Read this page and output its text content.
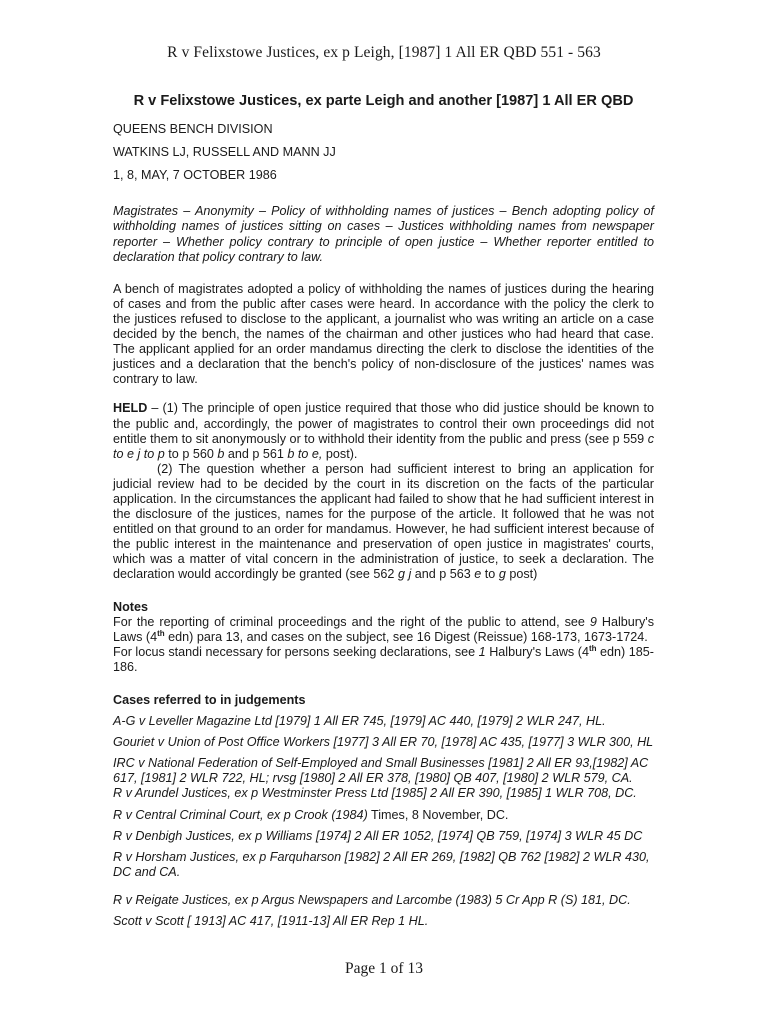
R v Felixstowe Justices, ex p Leigh, [1987] 1 All ER QBD 551 - 563
R v Felixstowe Justices, ex parte Leigh and another [1987] 1 All ER QBD
QUEENS BENCH DIVISION
WATKINS LJ, RUSSELL AND MANN JJ
1, 8, MAY, 7 OCTOBER 1986
Magistrates – Anonymity – Policy of withholding names of justices – Bench adopting policy of withholding names of justices sitting on cases – Justices withholding names from newspaper reporter – Whether policy contrary to principle of open justice – Whether reporter entitled to declaration that policy contrary to law.
A bench of magistrates adopted a policy of withholding the names of justices during the hearing of cases and from the public after cases were heard. In accordance with the policy the clerk to the justices refused to disclose to the applicant, a journalist who was writing an article on a case decided by the bench, the names of the chairman and other justices who had heard that case. The applicant applied for an order mandamus directing the clerk to disclose the identities of the justices and a declaration that the bench's policy of non-disclosure of the justices' names was contrary to law.
HELD – (1) The principle of open justice required that those who did justice should be known to the public and, accordingly, the power of magistrates to control their own proceedings did not entitle them to sit anonymously or to withhold their identity from the public and press (see p 559 c to e j to p to p 560 b and p 561 b to e, post).
(2) The question whether a person had sufficient interest to bring an application for judicial review had to be decided by the court in its discretion on the facts of the particular application. In the circumstances the applicant had failed to show that he had sufficient interest in the disclosure of the justices, names for the purpose of the article. It followed that he was not entitled on that ground to an order for mandamus. However, he had sufficient interest because of the public interest in the maintenance and preservation of open justice in magistrates' courts, which was a matter of vital concern in the administration of justice, to seek a declaration. The declaration would accordingly be granted (see 562 g j and p 563 e to g post)
Notes
For the reporting of criminal proceedings and the right of the public to attend, see 9 Halbury's Laws (4th edn) para 13, and cases on the subject, see 16 Digest (Reissue) 168-173, 1673-1724.
For locus standi necessary for persons seeking declarations, see 1 Halbury's Laws (4th edn) 185-186.
Cases referred to in judgements
A-G v Leveller Magazine Ltd [1979] 1 All ER 745, [1979] AC 440, [1979] 2 WLR 247, HL.
Gouriet v Union of Post Office Workers [1977] 3 All ER 70, [1978] AC 435, [1977] 3 WLR 300, HL
IRC v National Federation of Self-Employed and Small Businesses [1981] 2 All ER 93,[1982] AC 617, [1981] 2 WLR 722, HL; rvsg [1980] 2 All ER 378, [1980] QB 407, [1980] 2 WLR 579, CA.
R v Arundel Justices, ex p Westminster Press Ltd [1985] 2 All ER 390, [1985] 1 WLR 708, DC.
R v Central Criminal Court, ex p Crook (1984) Times, 8 November, DC.
R v Denbigh Justices, ex p Williams [1974] 2 All ER 1052, [1974] QB 759, [1974] 3 WLR 45 DC
R v Horsham Justices, ex p Farquharson [1982] 2 All ER 269, [1982] QB 762 [1982] 2 WLR 430, DC and CA.
R v Reigate Justices, ex p Argus Newspapers and Larcombe (1983) 5 Cr App R (S) 181, DC.
Scott v Scott [ 1913] AC 417, [1911-13] All ER Rep 1 HL.
Page 1 of 13
